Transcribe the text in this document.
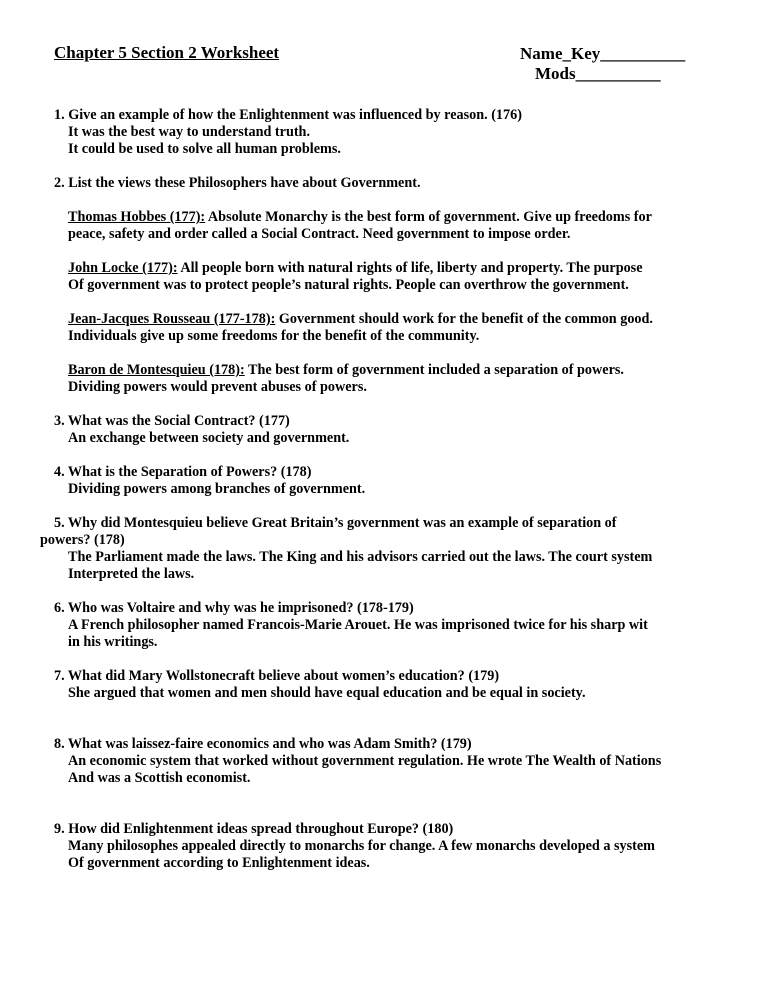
Chapter 5 Section 2 Worksheet	Name_Key__________
Mods__________
1. Give an example of how the Enlightenment was influenced by reason. (176)
It was the best way to understand truth.
It could be used to solve all human problems.
2. List the views these Philosophers have about Government.
Thomas Hobbes (177): Absolute Monarchy is the best form of government. Give up freedoms for
peace, safety and order called a Social Contract. Need government to impose order.
John Locke (177): All people born with natural rights of life, liberty and property. The purpose
Of government was to protect people’s natural rights. People can overthrow the government.
Jean-Jacques Rousseau (177-178): Government should work for the benefit of the common good.
Individuals give up some freedoms for the benefit of the community.
Baron de Montesquieu (178): The best form of government included a separation of powers.
Dividing powers would prevent abuses of powers.
3. What was the Social Contract? (177)
An exchange between society and government.
4. What is the Separation of Powers? (178)
Dividing powers among branches of government.
5. Why did Montesquieu believe Great Britain’s government was an example of separation of
powers? (178)
The Parliament made the laws. The King and his advisors carried out the laws. The court system
Interpreted the laws.
6. Who was Voltaire and why was he imprisoned? (178-179)
A French philosopher named Francois-Marie Arouet. He was imprisoned twice for his sharp wit
in his writings.
7. What did Mary Wollstonecraft believe about women’s education? (179)
She argued that women and men should have equal education and be equal in society.
8. What was laissez-faire economics and who was Adam Smith? (179)
An economic system that worked without government regulation. He wrote The Wealth of Nations
And was a Scottish economist.
9. How did Enlightenment ideas spread throughout Europe? (180)
Many philosophes appealed directly to monarchs for change. A few monarchs developed a system
Of government according to Enlightenment ideas.
